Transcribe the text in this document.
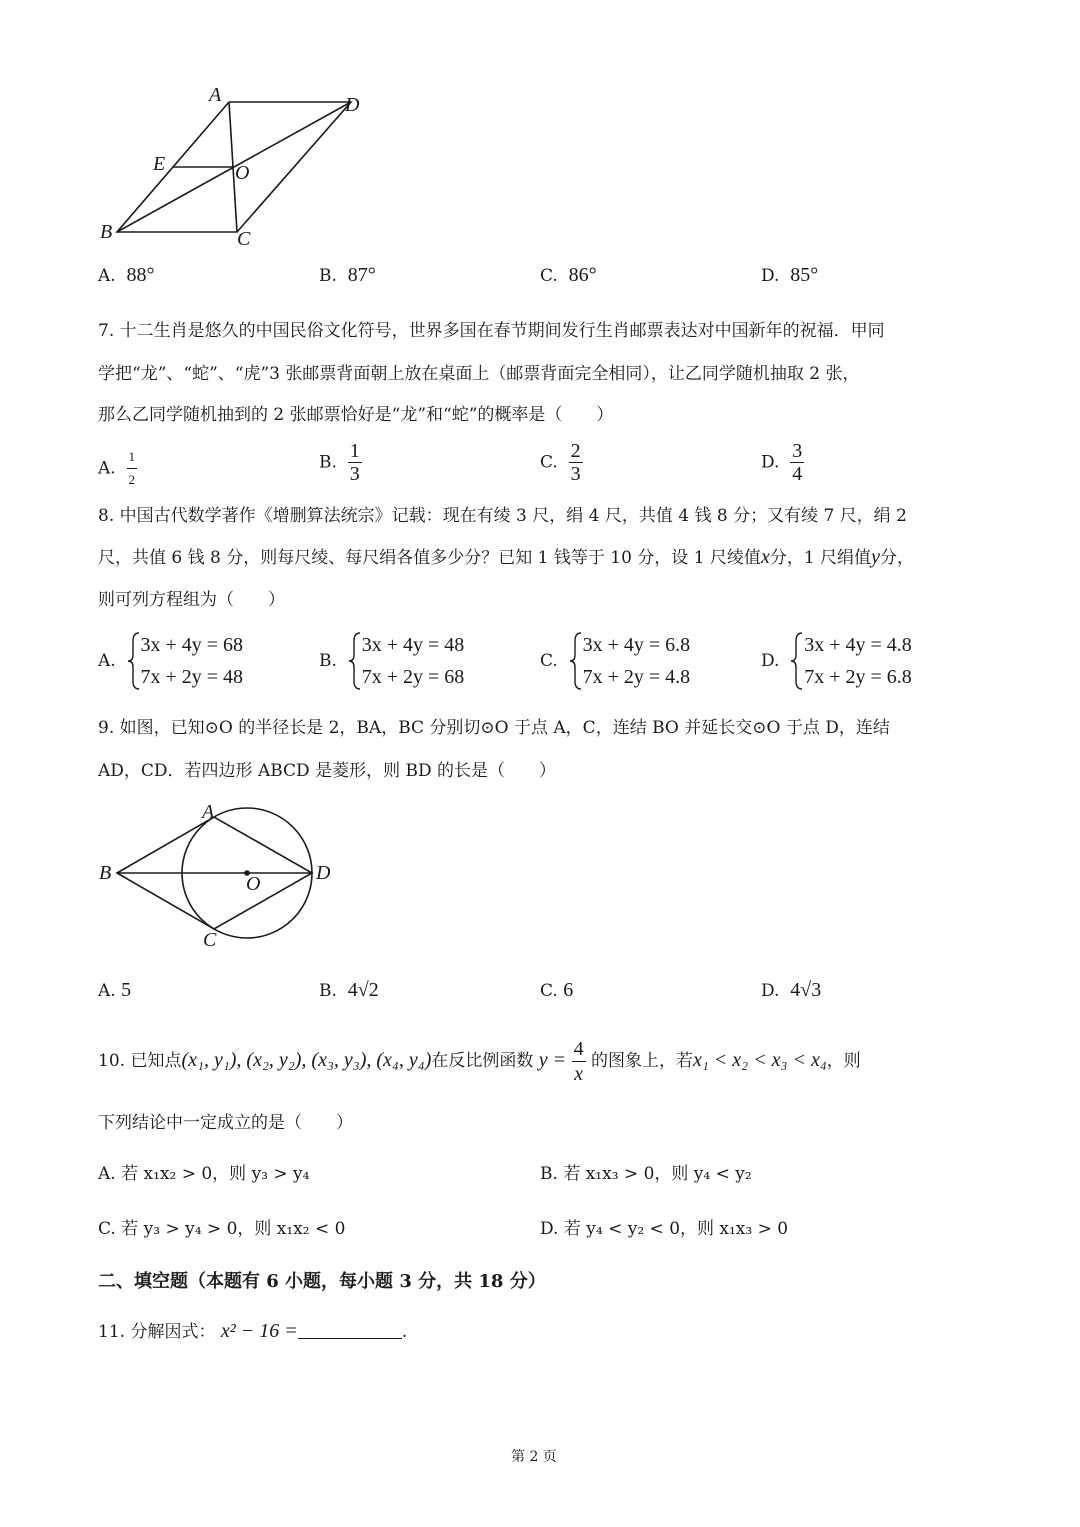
A	D
E	O
B	C
A. 88°	B. 87°	C. 86°	D. 85°
7. 十二生肖是悠久的中国民俗文化符号，世界多国在春节期间发行生肖邮票表达对中国新年的祝福．甲同
学把“龙”、“蛇”、“虎”3 张邮票背面朝上放在桌面上（邮票背面完全相同），让乙同学随机抽取 2 张，
那么乙同学随机抽到的 2 张邮票恰好是“龙”和“蛇”的概率是（　　）
A. $\frac{1}{2}$	B. $\frac{1}{3}$	C. $\frac{2}{3}$	D. $\frac{3}{4}$
8. 中国古代数学著作《增删算法统宗》记载：现在有绫 3 尺，绢 4 尺，共值 4 钱 8 分；又有绫 7 尺，绢 2
尺，共值 6 钱 8 分，则每尺绫、每尺绢各值多少分？已知 1 钱等于 10 分，设 1 尺绫值x分，1 尺绢值y分，
则可列方程组为（　　）
A.
3x + 4y = 68
7x + 2y = 48
B.
3x + 4y = 48
7x + 2y = 68
C.
3x + 4y = 6.8
7x + 2y = 4.8
D.
3x + 4y = 4.8
7x + 2y = 6.8
9. 如图，已知⊙O 的半径长是 2，BA，BC 分别切⊙O 于点 A，C，连结 BO 并延长交⊙O 于点 D，连结
AD，CD．若四边形 ABCD 是菱形，则 BD 的长是（　　）
A
B	O	D
C
A. 5	B. 4√2	C. 6	D. 4√3
10. 已知点(x₁, y₁), (x₂, y₂), (x₃, y₃), (x₄, y₄)在反比例函数 $y = \frac{4}{x}$ 的图象上，若x₁ < x₂ < x₃ < x₄，则
下列结论中一定成立的是（　　）
A. 若 x₁x₂ > 0，则 y₃ > y₄	B. 若 x₁x₃ > 0，则 y₄ < y₂
C. 若 y₃ > y₄ > 0，则 x₁x₂ < 0	D. 若 y₄ < y₂ < 0，则 x₁x₃ > 0
二、填空题（本题有 6 小题，每小题 3 分，共 18 分）
11. 分解因式： x² − 16 =	.
第 2 页
